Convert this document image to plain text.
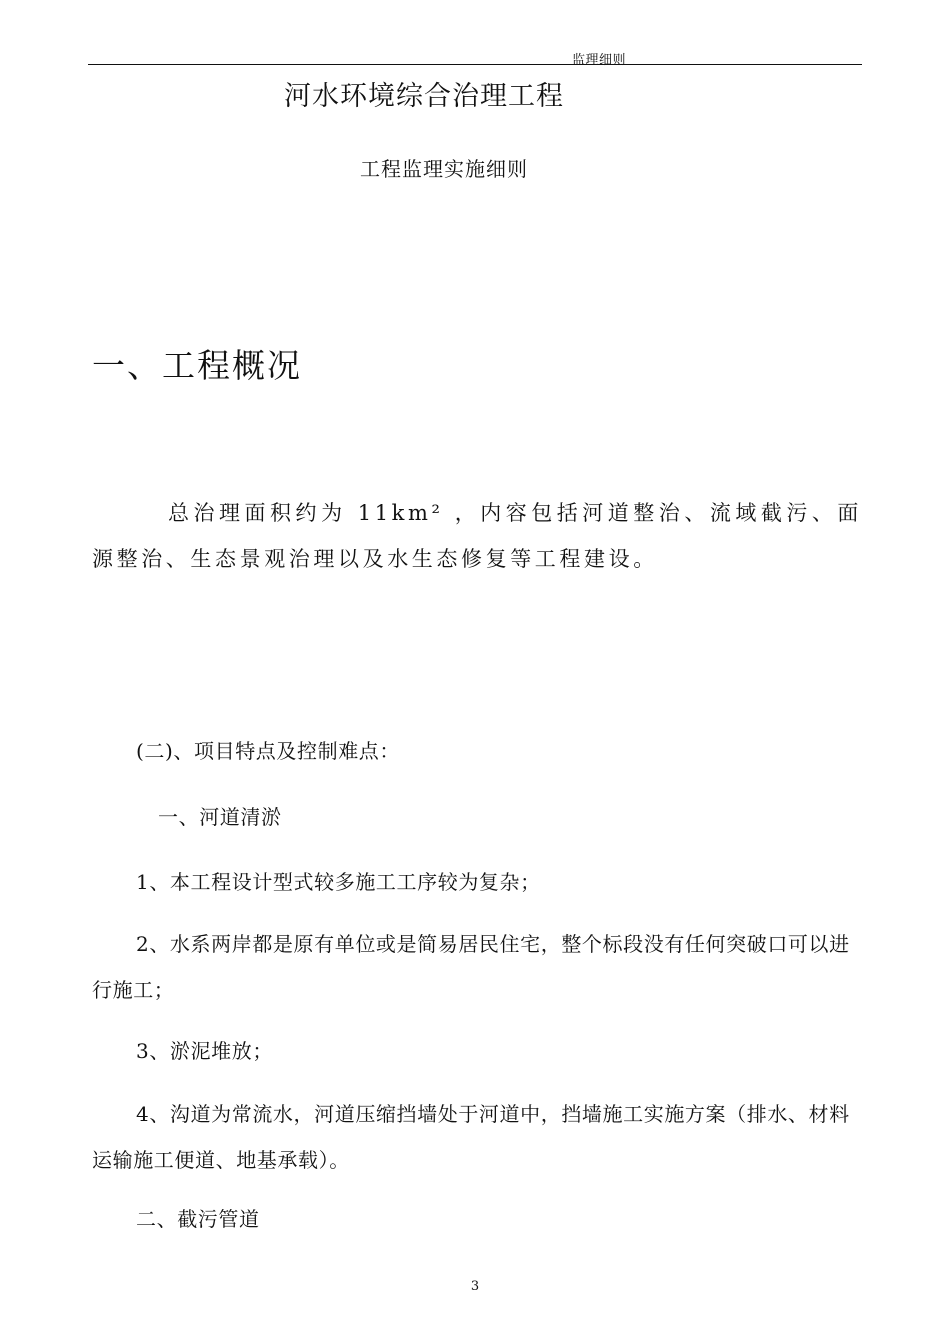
监理细则
河水环境综合治理工程
工程监理实施细则
一、工程概况
总治理面积约为 11km² ，内容包括河道整治、流域截污、面源整治、生态景观治理以及水生态修复等工程建设。
(二)、项目特点及控制难点：
一、河道清淤
1、本工程设计型式较多施工工序较为复杂；
2、水系两岸都是原有单位或是简易居民住宅，整个标段没有任何突破口可以进行施工；
3、淤泥堆放；
4、沟道为常流水，河道压缩挡墙处于河道中，挡墙施工实施方案（排水、材料运输施工便道、地基承载）。
二、截污管道
3
